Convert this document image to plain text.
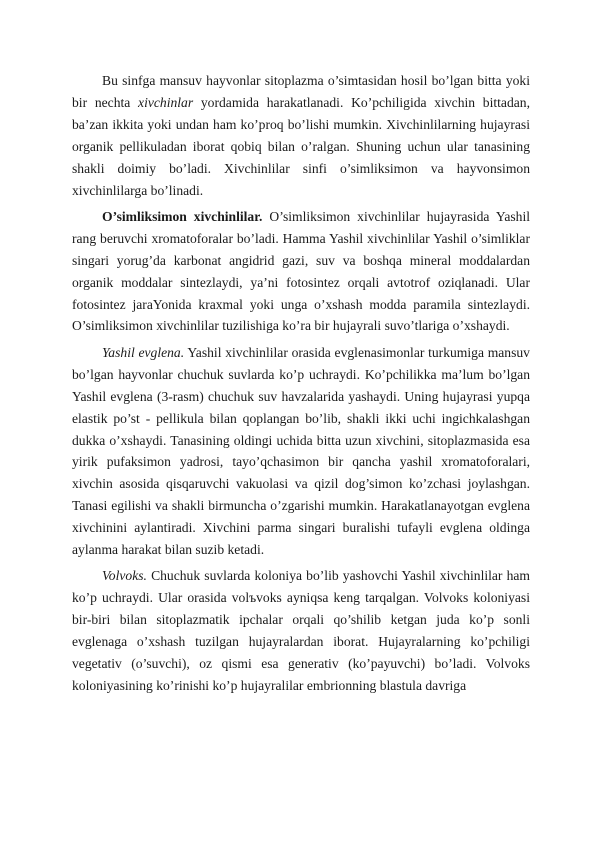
Bu sinfga mansuv hayvonlar sitoplazma o’simtasidan hosil bo’lgan bitta yoki bir nechta xivchinlar yordamida harakatlanadi. Ko’pchiligida xivchin bittadan, ba’zan ikkita yoki undan ham ko’proq bo’lishi mumkin. Xivchinlilarning hujayrasi organik pellikuladan iborat qobiq bilan o’ralgan. Shuning uchun ular tanasining shakli doimiy bo’ladi. Xivchinlilar sinfi o’simliksimon va hayvonsimon xivchinlilarga bo’linadi.

O’simliksimon xivchinlilar. O’simliksimon xivchinlilar hujayrasida Yashil rang beruvchi xromatoforalar bo’ladi. Hamma Yashil xivchinlilar Yashil o’simliklar singari yorug’da karbonat angidrid gazi, suv va boshqa mineral moddalardan organik moddalar sintezlaydi, ya’ni fotosintez orqali avtotrof oziqlanadi. Ular fotosintez jaraYonida kraxmal yoki unga o’xshash modda paramila sintezlaydi. O’simliksimon xivchinlilar tuzilishiga ko’ra bir hujayrali suvo’tlariga o’xshaydi.

Yashil evglena. Yashil xivchinlilar orasida evglenasimonlar turkumiga mansuv bo’lgan hayvonlar chuchuk suvlarda ko’p uchraydi. Ko’pchilikka ma’lum bo’lgan Yashil evglena (3-rasm) chuchuk suv havzalarida yashaydi. Uning hujayrasi yupqa elastik po’st - pellikula bilan qoplangan bo’lib, shakli ikki uchi ingichkalashgan dukka o’xshaydi. Tanasining oldingi uchida bitta uzun xivchini, sitoplazmasida esa yirik pufaksimon yadrosi, tayo’qchasimon bir qancha yashil xromatoforalari, xivchin asosida qisqaruvchi vakuolasi va qizil dog’simon ko’zchasi joylashgan. Tanasi egilishi va shakli birmuncha o’zgarishi mumkin. Harakatlanayotgan evglena xivchinini aylantiradi. Xivchini parma singari buralishi tufayli evglena oldinga aylanma harakat bilan suzib ketadi.

Volvoks. Chuchuk suvlarda koloniya bo’lib yashovchi Yashil xivchinlilar ham ko’p uchraydi. Ular orasida volъvoks ayniqsa keng tarqalgan. Volvoks koloniyasi bir-biri bilan sitoplazmatik ipchalar orqali qo’shilib ketgan juda ko’p sonli evglenaga o’xshash tuzilgan hujayralardan iborat. Hujayralarning ko’pchiligi vegetativ (o’suvchi), oz qismi esa generativ (ko’payuvchi) bo’ladi. Volvoks koloniyasining ko’rinishi ko’p hujayralilar embrionning blastula davriga
